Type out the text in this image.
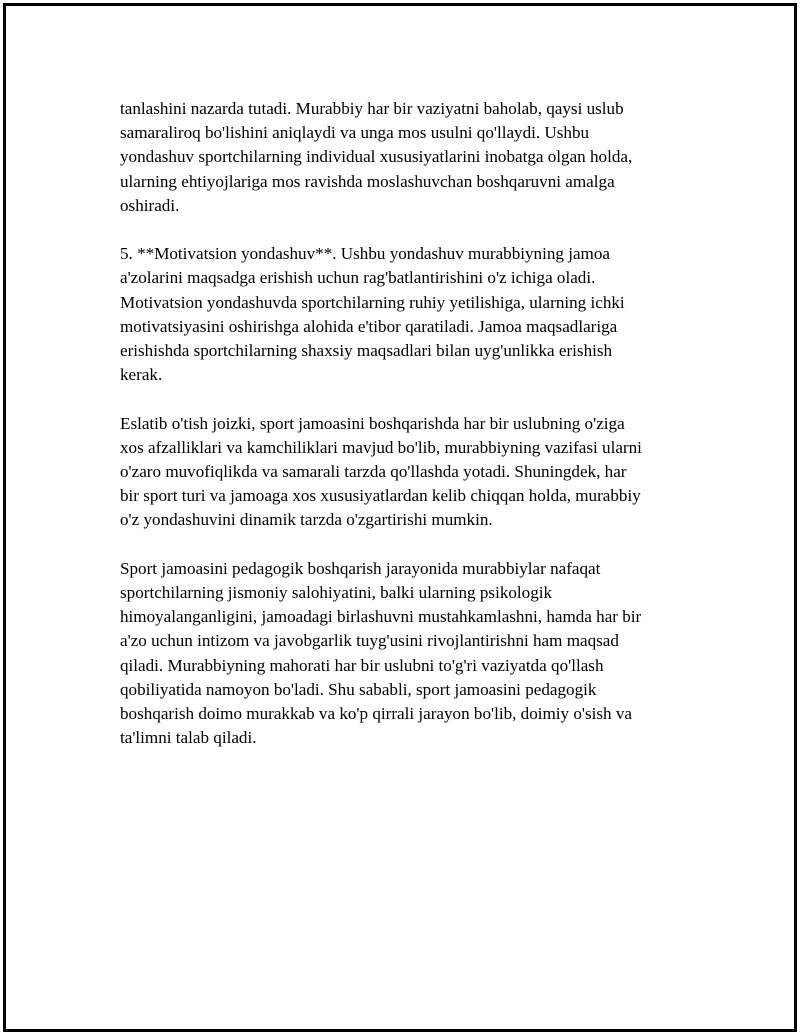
tanlashini nazarda tutadi. Murabbiy har bir vaziyatni baholab, qaysi uslub
samaraliroq bo'lishini aniqlaydi va unga mos usulni qo'llaydi. Ushbu
yondashuv sportchilarning individual xususiyatlarini inobatga olgan holda,
ularning ehtiyojlariga mos ravishda moslashuvchan boshqaruvni amalga
oshiradi.

5. **Motivatsion yondashuv**. Ushbu yondashuv murabbiyning jamoa
a'zolarini maqsadga erishish uchun rag'batlantirishini o'z ichiga oladi.
Motivatsion yondashuvda sportchilarning ruhiy yetilishiga, ularning ichki
motivatsiyasini oshirishga alohida e'tibor qaratiladi. Jamoa maqsadlariga
erishishda sportchilarning shaxsiy maqsadlari bilan uyg'unlikka erishish
kerak.

Eslatib o'tish joizki, sport jamoasini boshqarishda har bir uslubning o'ziga
xos afzalliklari va kamchiliklari mavjud bo'lib, murabbiyning vazifasi ularni
o'zaro muvofiqlikda va samarali tarzda qo'llashda yotadi. Shuningdek, har
bir sport turi va jamoaga xos xususiyatlardan kelib chiqqan holda, murabbiy
o'z yondashuvini dinamik tarzda o'zgartirishi mumkin.

Sport jamoasini pedagogik boshqarish jarayonida murabbiylar nafaqat
sportchilarning jismoniy salohiyatini, balki ularning psikologik
himoyalanganligini, jamoadagi birlashuvni mustahkamlashni, hamda har bir
a'zo uchun intizom va javobgarlik tuyg'usini rivojlantirishni ham maqsad
qiladi. Murabbiyning mahorati har bir uslubni to'g'ri vaziyatda qo'llash
qobiliyatida namoyon bo'ladi. Shu sababli, sport jamoasini pedagogik
boshqarish doimo murakkab va ko'p qirrali jarayon bo'lib, doimiy o'sish va
ta'limni talab qiladi.
